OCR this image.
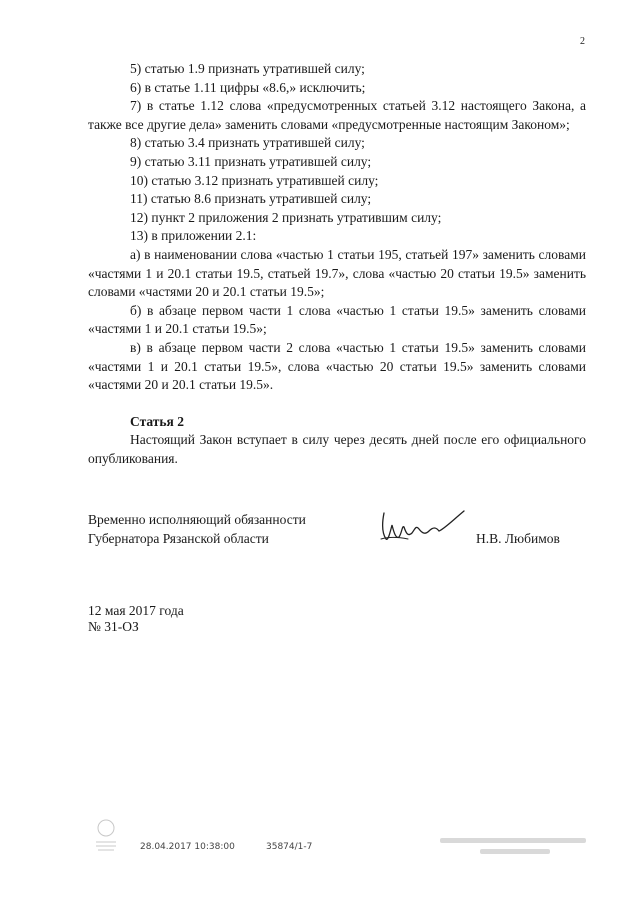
2

5) статью 1.9 признать утратившей силу;

6) в статье 1.11 цифры «8.6,» исключить;

7) в статье 1.12 слова «предусмотренных статьей 3.12 настоящего Закона, а также все другие дела» заменить словами «предусмотренные настоящим Законом»;

8) статью 3.4 признать утратившей силу;

9) статью 3.11 признать утратившей силу;

10) статью 3.12 признать утратившей силу;

11) статью 8.6 признать утратившей силу;

12) пункт 2 приложения 2 признать утратившим силу;

13) в приложении 2.1:

а) в наименовании слова «частью 1 статьи 195, статьей 197» заменить словами «частями 1 и 20.1 статьи 19.5, статьей 19.7», слова «частью 20 статьи 19.5» заменить словами «частями 20 и 20.1 статьи 19.5»;

б) в абзаце первом части 1 слова «частью 1 статьи 19.5» заменить словами «частями 1 и 20.1 статьи 19.5»;

в) в абзаце первом части 2 слова «частью 1 статьи 19.5» заменить словами «частями 1 и 20.1 статьи 19.5», слова «частью 20 статьи 19.5» заменить словами «частями 20 и 20.1 статьи 19.5».

Статья 2

Настоящий Закон вступает в силу через десять дней после его официального опубликования.

Временно исполняющий обязанности

Губернатора Рязанской области	Н.В. Любимов
12 мая 2017 года
№ 31-ОЗ
28.04.2017 10:38:00	35874/1-7
